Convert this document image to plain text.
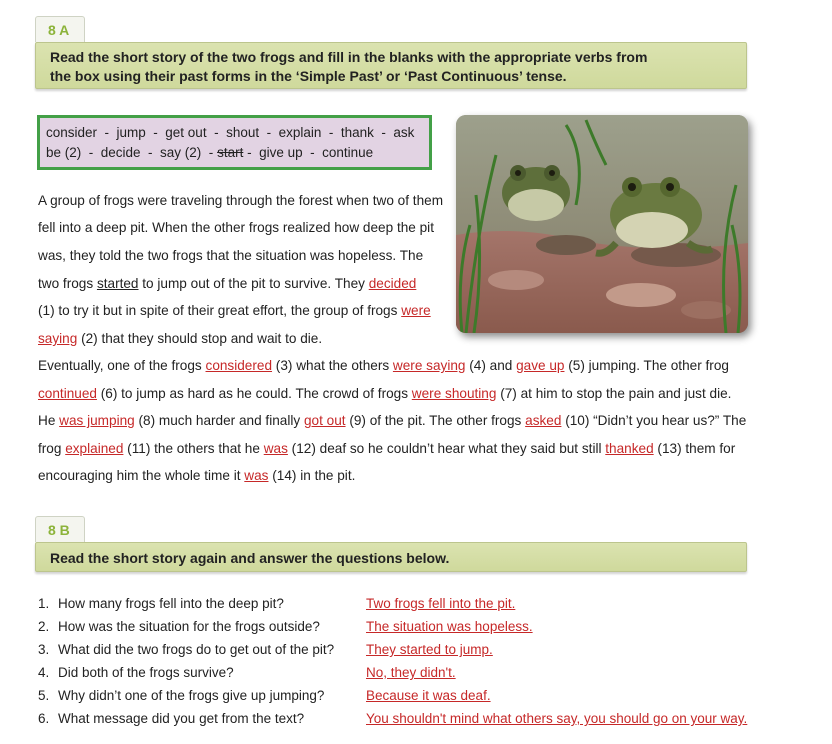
8 A
Read the short story of the two frogs and fill in the blanks with the appropriate verbs from
the box using their past forms in the ‘Simple Past’ or ‘Past Continuous’ tense.
consider  -  jump  -  get out  -  shout  -  explain  -  thank  -  ask
be (2)  -  decide  -  say (2)  - start -  give up  -  continue
A group of frogs were traveling through the forest when two of them
fell into a deep pit. When the other frogs realized how deep the pit
was, they told the two frogs that the situation was hopeless. The
two frogs started to jump out of the pit to survive. They decided
(1) to try it but in spite of their great effort, the group of frogs were
saying (2) that they should stop and wait to die.
Eventually, one of the frogs considered (3) what the others were saying (4) and gave up (5) jumping. The other frog
continued (6) to jump as hard as he could. The crowd of frogs were shouting (7) at him to stop the pain and just die.
He was jumping (8) much harder and finally got out (9) of the pit. The other frogs asked (10) “Didn’t you hear us?” The
frog explained (11) the others that he was (12) deaf so he couldn’t hear what they said but still thanked (13) them for
encouraging him the whole time it was (14) in the pit.
8 B
Read the short story again and answer the questions below.
1. How many frogs fell into the deep pit?	Two frogs fell into the pit.
2. How was the situation for the frogs outside?	The situation was hopeless.
3. What did the two frogs do to get out of the pit? They started to jump.
4. Did both of the frogs survive?	No, they didn't.
5. Why didn’t one of the frogs give up jumping?	Because it was deaf.
6. What message did you get from the text?	You shouldn't mind what others say, you should go on your way.
